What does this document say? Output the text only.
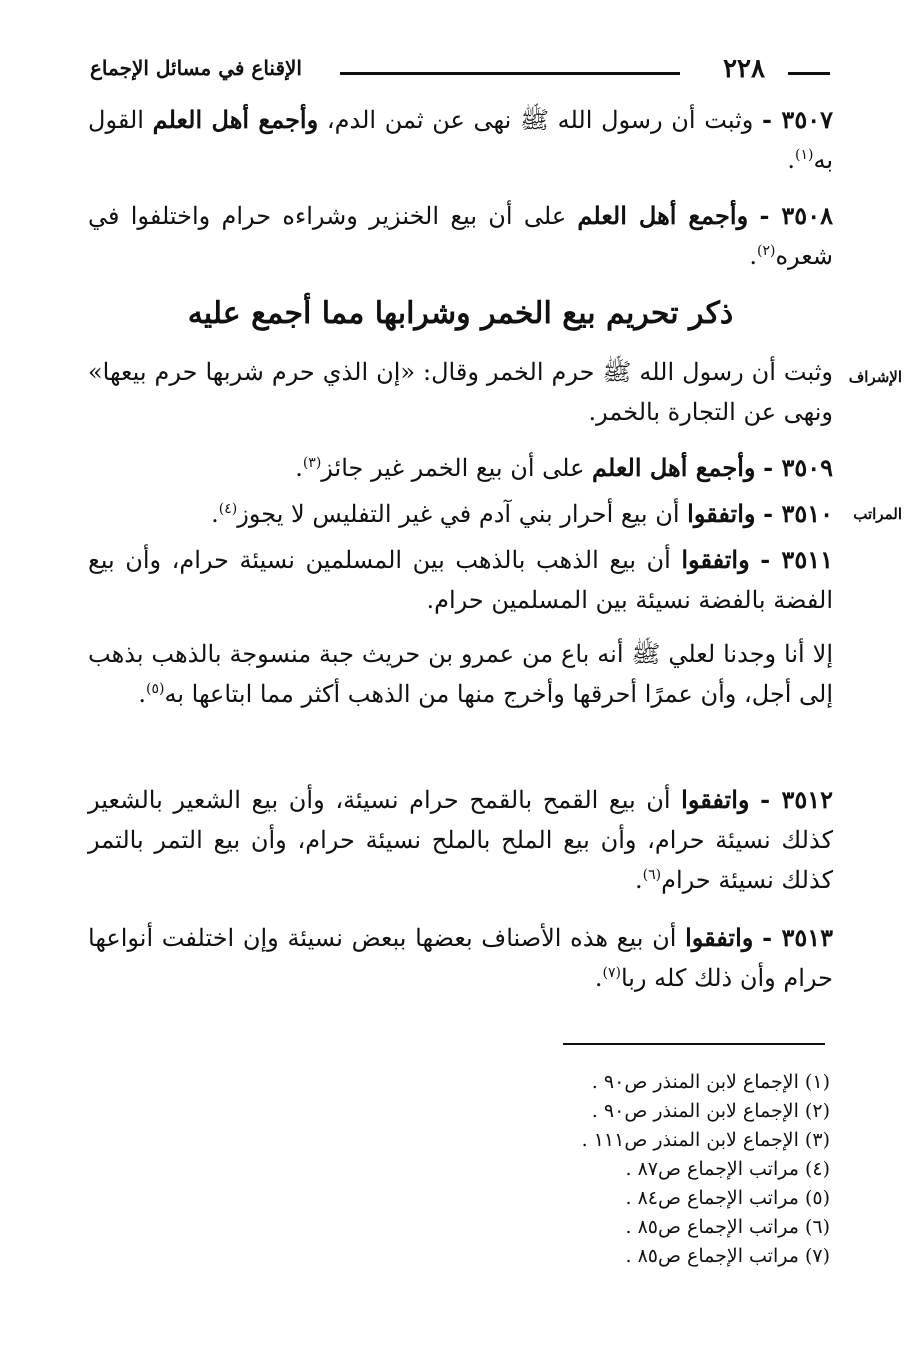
٢٢٨
الإقناع في مسائل الإجماع

٣٥٠٧ - وثبت أن رسول الله ﷺ نهى عن ثمن الدم، وأجمع أهل العلم القول به$^{(١)}$.

٣٥٠٨ - وأجمع أهل العلم على أن بيع الخنزير وشراءه حرام واختلفوا في شعره$^{(٢)}$.

وثبت أن رسول الله ﷺ حرم الخمر وقال: «إن الذي حرم شربها حرم بيعها» ونهى عن التجارة بالخمر.

٣٥٠٩ - وأجمع أهل العلم على أن بيع الخمر غير جائز$^{(٣)}$.

٣٥١٠ - واتفقوا أن بيع أحرار بني آدم في غير التفليس لا يجوز$^{(٤)}$.

٣٥١١ - واتفقوا أن بيع الذهب بالذهب بين المسلمين نسيئة حرام، وأن بيع الفضة بالفضة نسيئة بين المسلمين حرام.

إلا أنا وجدنا لعلي ﷺ أنه باع من عمرو بن حريث جبة منسوجة بالذهب بذهب إلى أجل، وأن عمرًا أحرقها وأخرج منها من الذهب أكثر مما ابتاعها به$^{(٥)}$.

٣٥١٢ - واتفقوا أن بيع القمح بالقمح حرام نسيئة، وأن بيع الشعير بالشعير كذلك نسيئة حرام، وأن بيع الملح بالملح نسيئة حرام، وأن بيع التمر بالتمر كذلك نسيئة حرام$^{(٦)}$.

٣٥١٣ - واتفقوا أن بيع هذه الأصناف بعضها ببعض نسيئة وإن اختلفت أنواعها حرام وأن ذلك كله ربا$^{(٧)}$.

ذكر تحريم بيع الخمر وشرابها مما أجمع عليه
الإشراف
المراتب

(١) الإجماع لابن المنذر ص٩٠ .

(٢) الإجماع لابن المنذر ص٩٠ .

(٣) الإجماع لابن المنذر ص١١١ .

(٤) مراتب الإجماع ص٨٧ .

(٥) مراتب الإجماع ص٨٤ .

(٦) مراتب الإجماع ص٨٥ .

(٧) مراتب الإجماع ص٨٥ .
